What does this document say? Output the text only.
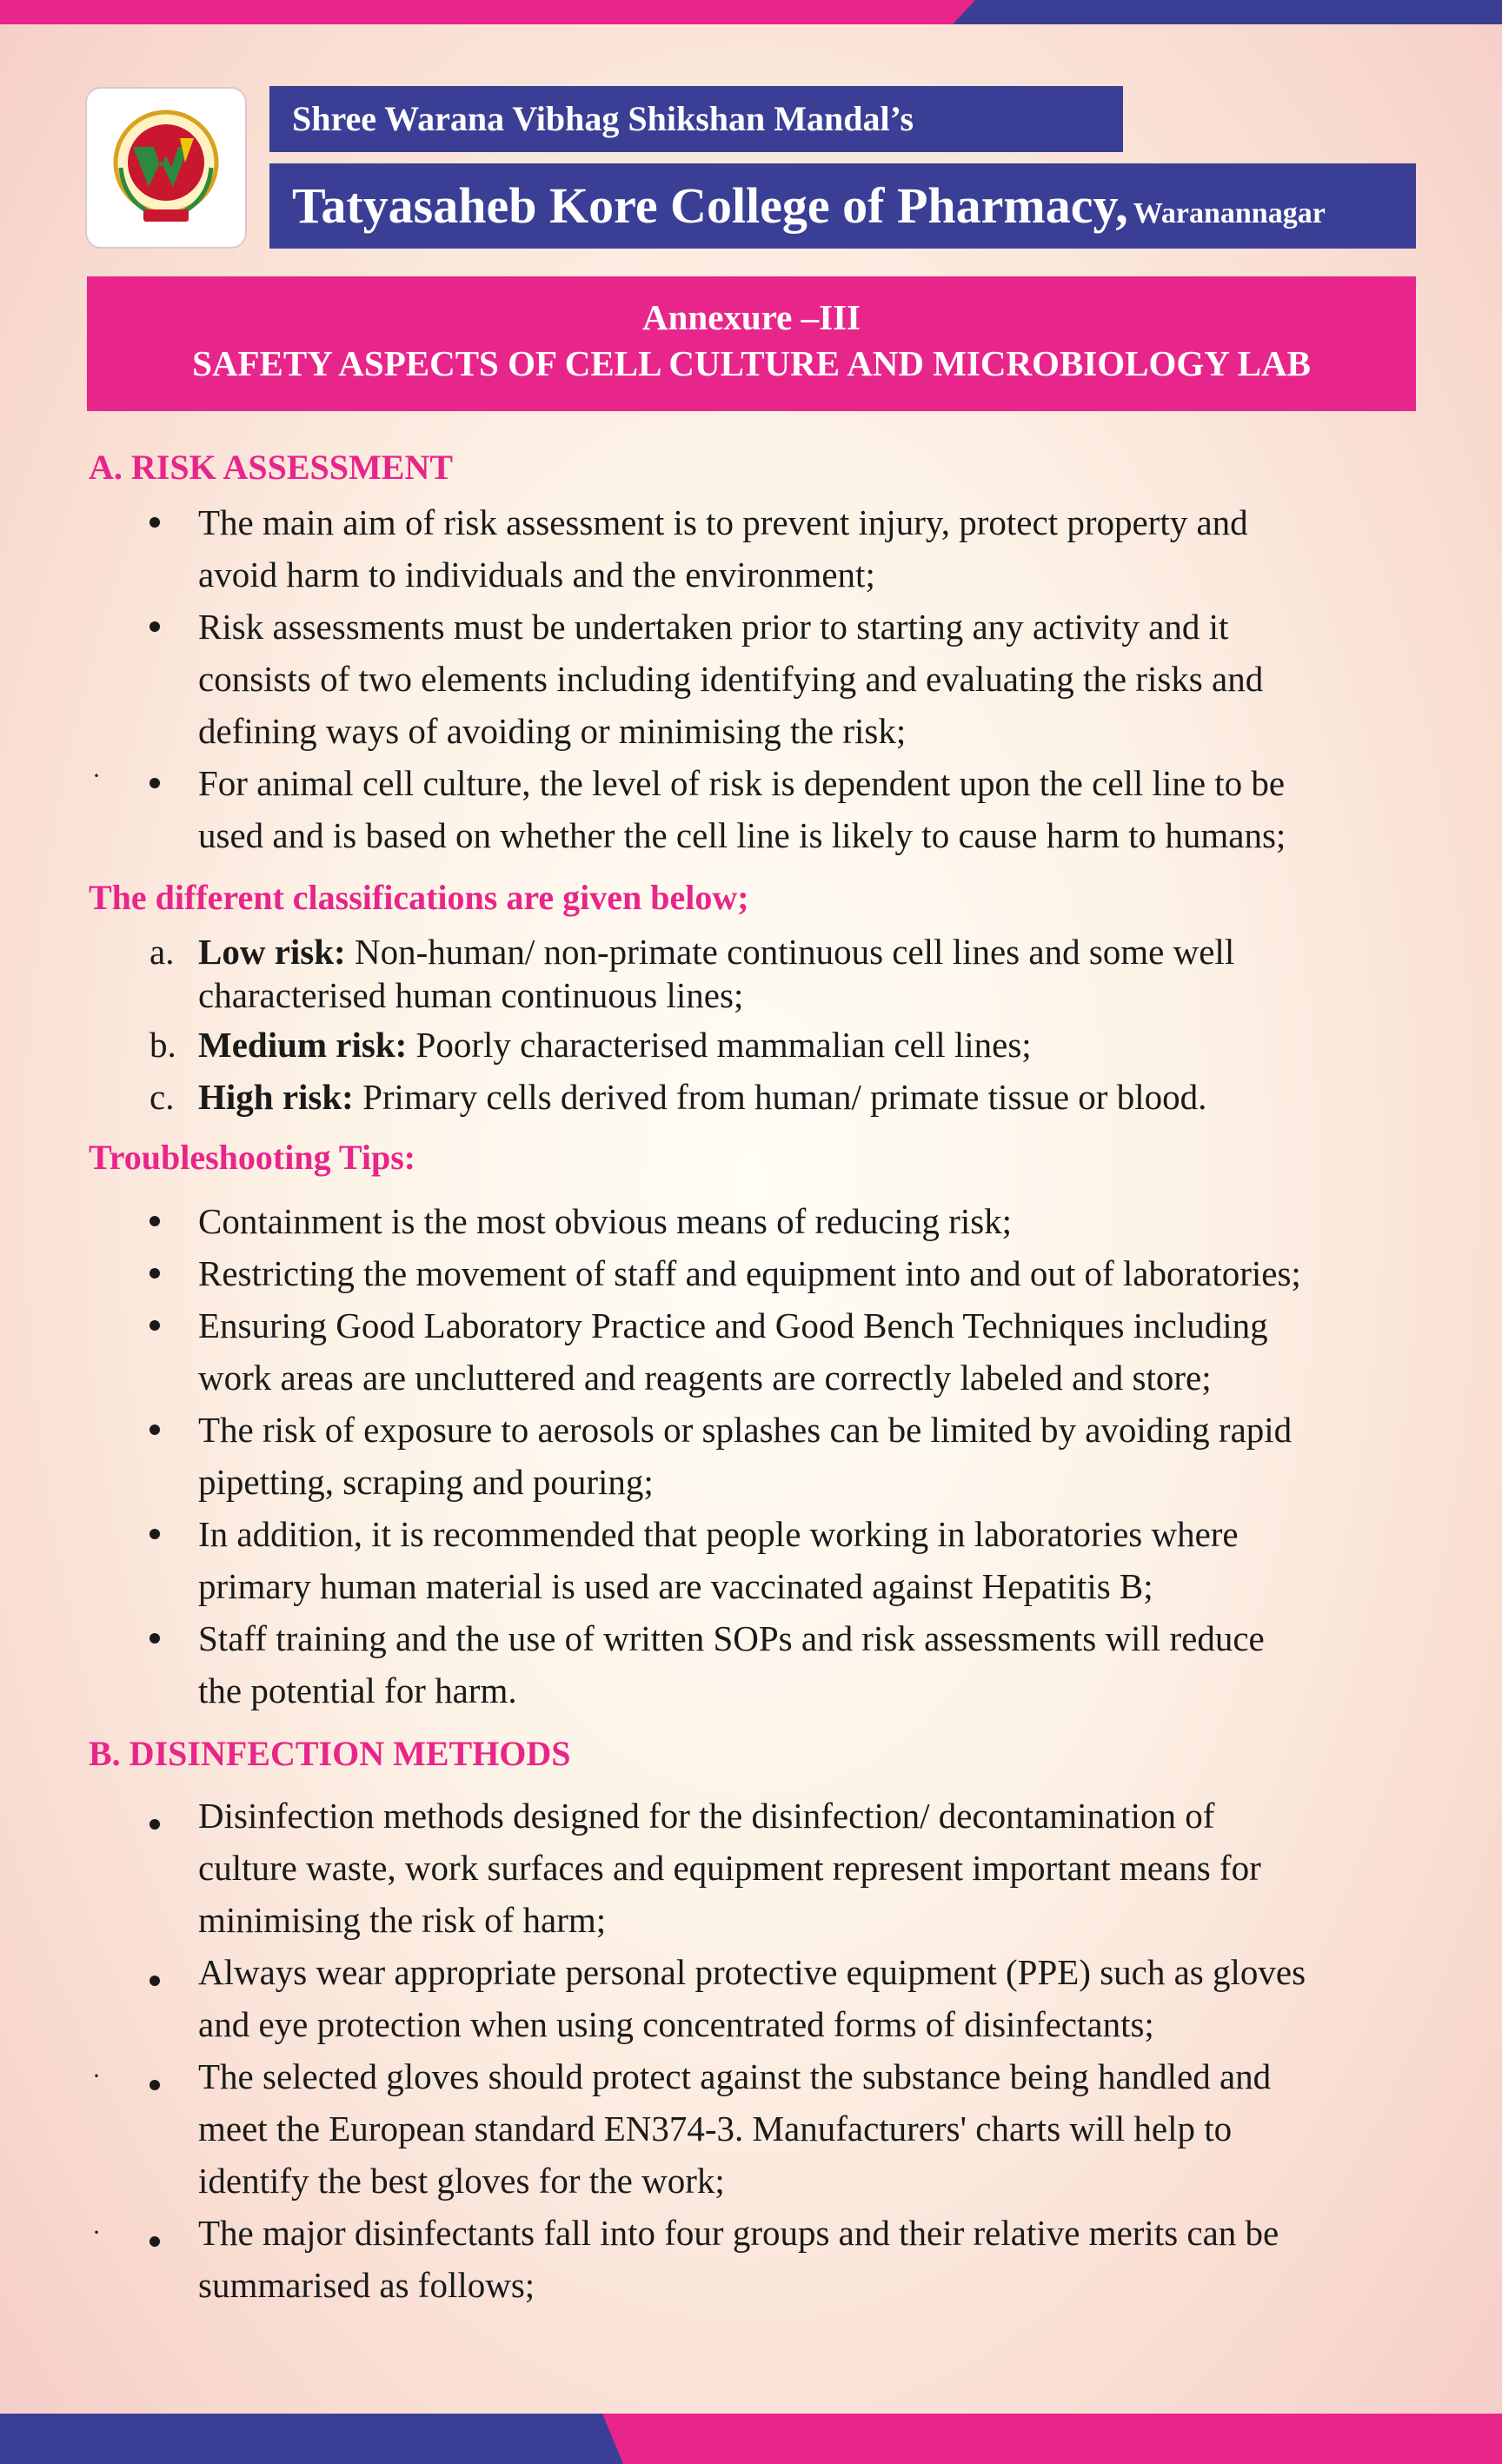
Shree Warana Vibhag Shikshan Mandal’s
Tatyasaheb Kore College of Pharmacy, Waranannagar
Annexure –III
SAFETY ASPECTS OF CELL CULTURE AND MICROBIOLOGY LAB
A. RISK ASSESSMENT
The main aim of risk assessment is to prevent injury, protect property and
avoid harm to individuals and the environment;
Risk assessments must be undertaken prior to starting any activity and it
consists of two elements including identifying and evaluating the risks and
defining ways of avoiding or minimising the risk;
·	For animal cell culture, the level of risk is dependent upon the cell line to be
used and is based on whether the cell line is likely to cause harm to humans;
The different classifications are given below;
a. Low risk: Non-human/ non-primate continuous cell lines and some well
characterised human continuous lines;
b. Medium risk: Poorly characterised mammalian cell lines;
c. High risk: Primary cells derived from human/ primate tissue or blood.
Troubleshooting Tips:
Containment is the most obvious means of reducing risk;
Restricting the movement of staff and equipment into and out of laboratories;
Ensuring Good Laboratory Practice and Good Bench Techniques including
work areas are uncluttered and reagents are correctly labeled and store;
The risk of exposure to aerosols or splashes can be limited by avoiding rapid
pipetting, scraping and pouring;
In addition, it is recommended that people working in laboratories where
primary human material is used are vaccinated against Hepatitis B;
Staff training and the use of written SOPs and risk assessments will reduce
the potential for harm.
B. DISINFECTION METHODS
Disinfection methods designed for the disinfection/ decontamination of
culture waste, work surfaces and equipment represent important means for
minimising the risk of harm;
Always wear appropriate personal protective equipment (PPE) such as gloves
and eye protection when using concentrated forms of disinfectants;
·	The selected gloves should protect against the substance being handled and
meet the European standard EN374-3. Manufacturers' charts will help to
identify the best gloves for the work;
·	The major disinfectants fall into four groups and their relative merits can be
summarised as follows;
